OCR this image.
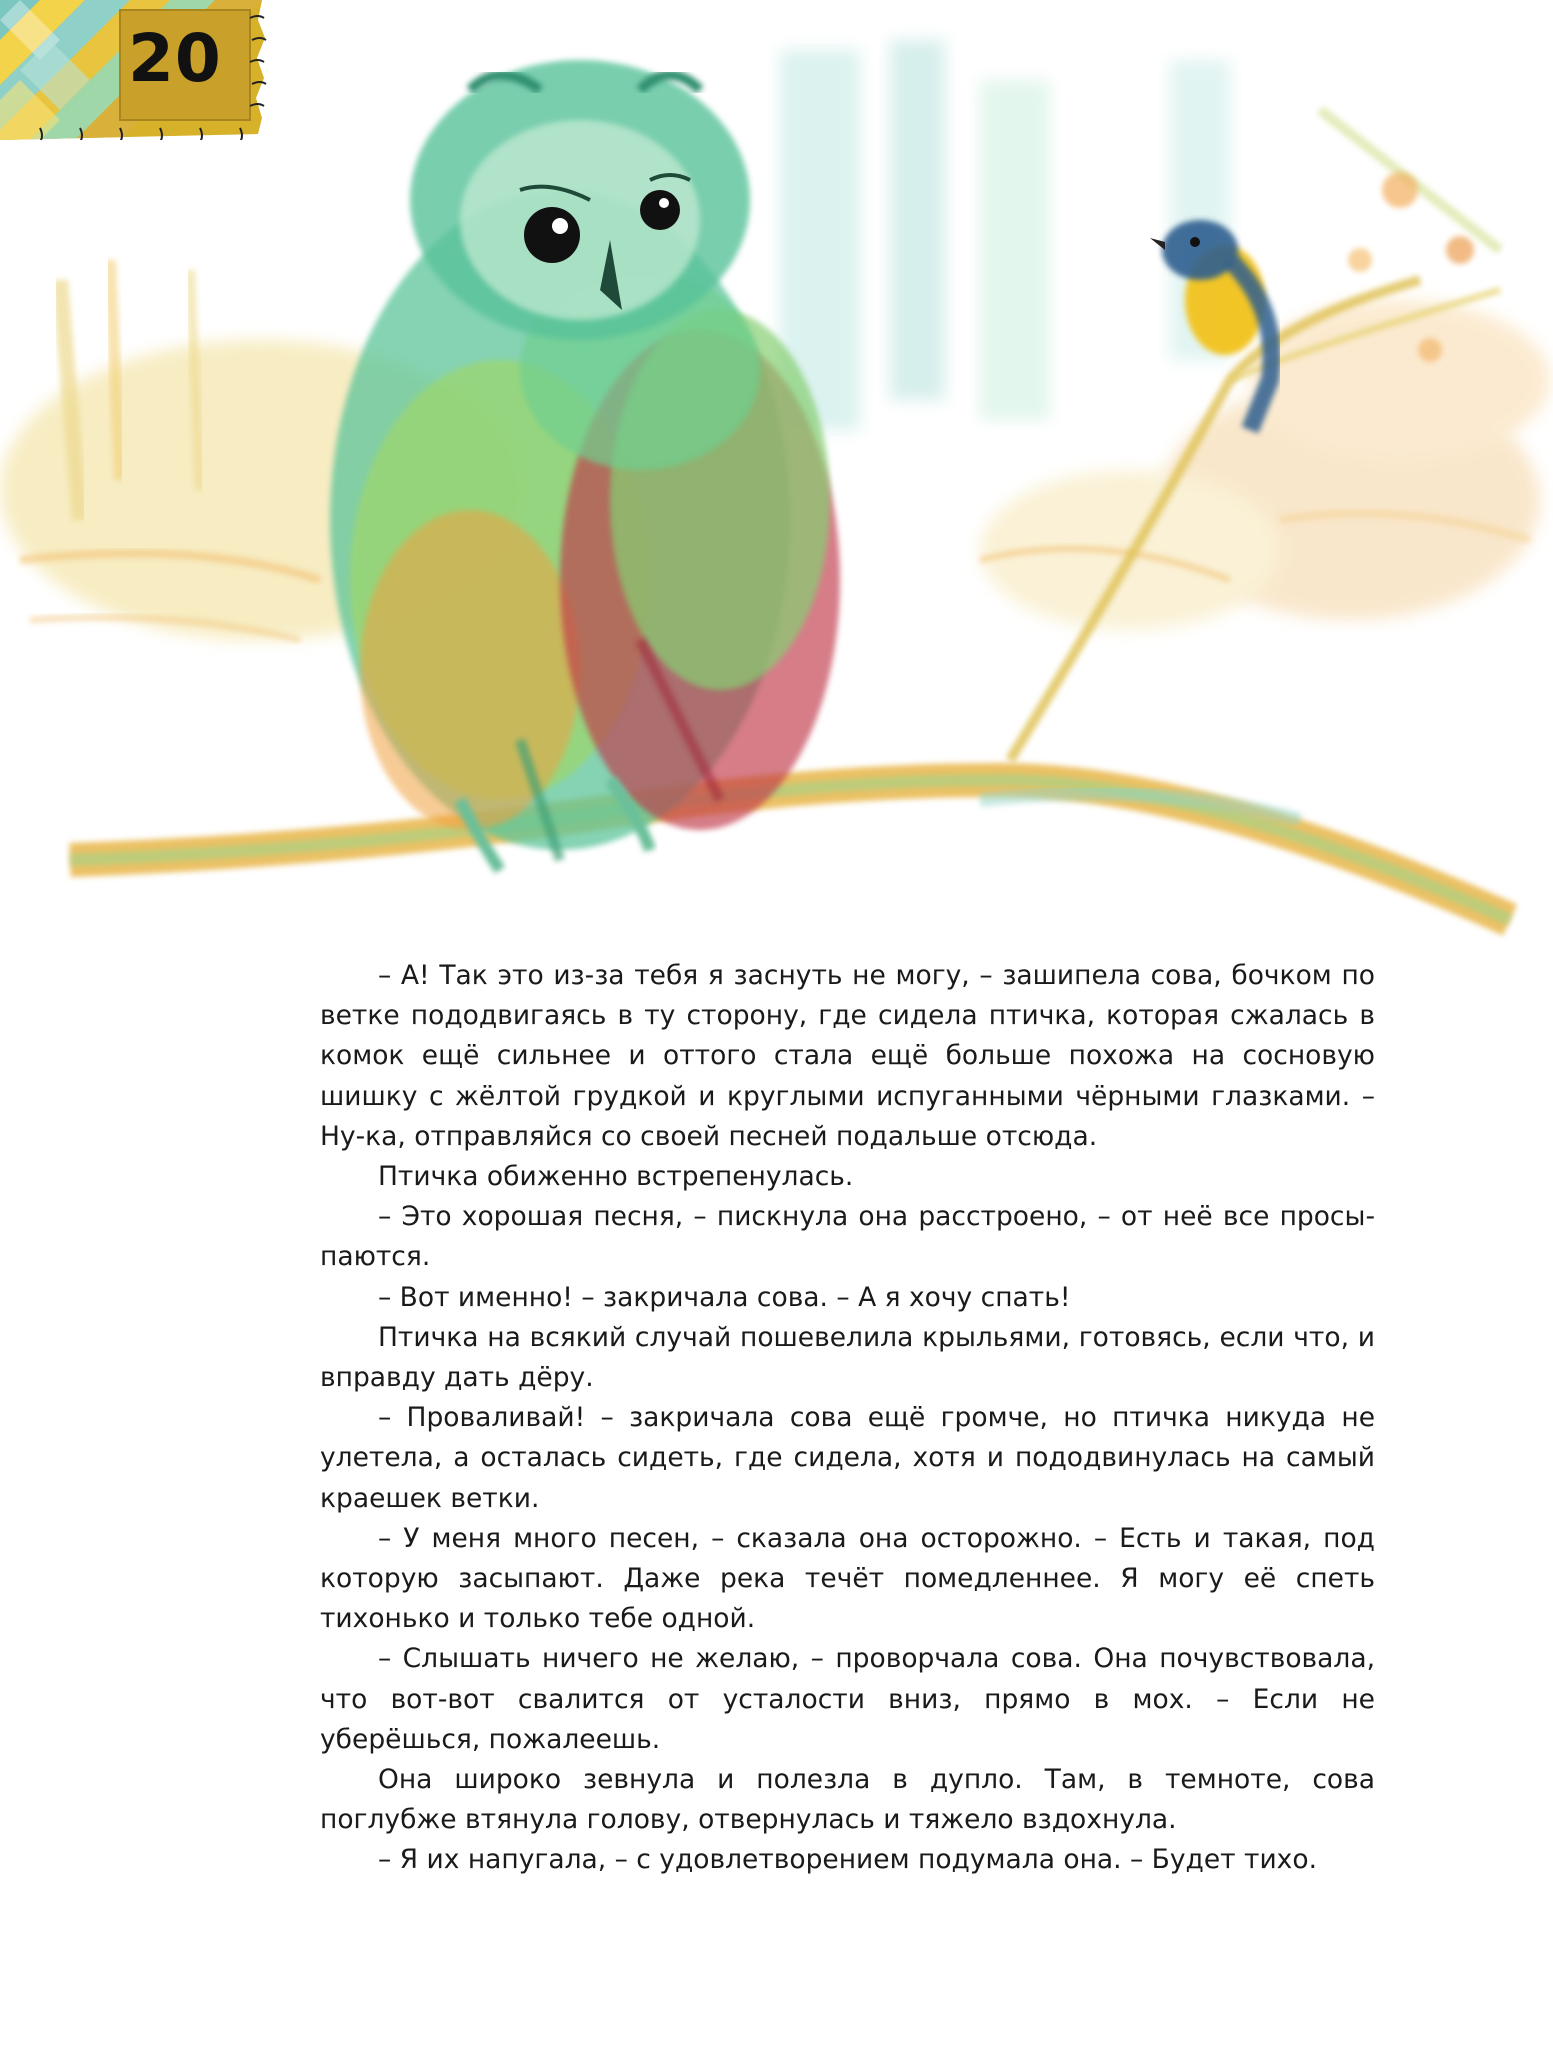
20

– А! Так это из-за тебя я заснуть не могу, – зашипела сова, бочком по ветке пододвигаясь в ту сторону, где сидела птичка, которая сжалась в комок ещё сильнее и оттого стала ещё больше похожа на сосновую шишку с жёлтой грудкой и круглыми испуганными чёрными глазками. – Ну-ка, отправляйся со своей песней подальше отсюда.

Птичка обиженно встрепенулась.

– Это хорошая песня, – пискнула она расстроено, – от неё все просыпаются.

– Вот именно! – закричала сова. – А я хочу спать!

Птичка на всякий случай пошевелила крыльями, готовясь, если что, и вправду дать дёру.

– Проваливай! – закричала сова ещё громче, но птичка никуда не улетела, а осталась сидеть, где сидела, хотя и пододвинулась на самый краешек ветки.

– У меня много песен, – сказала она осторожно. – Есть и такая, под которую засыпают. Даже река течёт помедленнее. Я могу её спеть тихонько и только тебе одной.

– Слышать ничего не желаю, – проворчала сова. Она почувствовала, что вот-вот свалится от усталости вниз, прямо в мох. – Если не уберёшься, пожалеешь.

Она широко зевнула и полезла в дупло. Там, в темноте, сова поглубже втянула голову, отвернулась и тяжело вздохнула.

– Я их напугала, – с удовлетворением подумала она. – Будет тихо.
